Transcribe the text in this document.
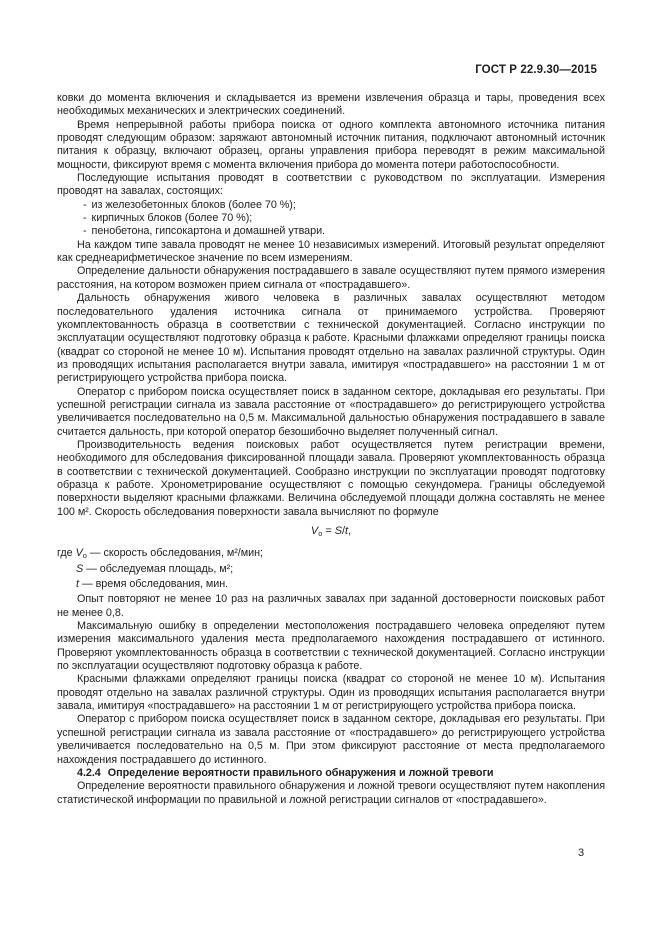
ГОСТ Р 22.9.30—2015

ковки до момента включения и складывается из времени извлечения образца и тары, проведения всех необходимых механических и электрических соединений.

Время непрерывной работы прибора поиска от одного комплекта автономного источника питания проводят следующим образом: заряжают автономный источник питания, подключают автономный источник питания к образцу, включают образец, органы управления прибора переводят в режим максимальной мощности, фиксируют время с момента включения прибора до момента потери работоспособности.

Последующие испытания проводят в соответствии с руководством по эксплуатации. Измерения проводят на завалах, состоящих:

- из железобетонных блоков (более 70 %);

- кирпичных блоков (более 70 %);

- пенобетона, гипсокартона и домашней утвари.

На каждом типе завала проводят не менее 10 независимых измерений. Итоговый результат определяют как среднеарифметическое значение по всем измерениям.

Определение дальности обнаружения пострадавшего в завале осуществляют путем прямого измерения расстояния, на котором возможен прием сигнала от «пострадавшего».

Дальность обнаружения живого человека в различных завалах осуществляют методом последовательного удаления источника сигнала от принимаемого устройства. Проверяют укомплектованность образца в соответствии с технической документацией. Согласно инструкции по эксплуатации осуществляют подготовку образца к работе. Красными флажками определяют границы поиска (квадрат со стороной не менее 10 м). Испытания проводят отдельно на завалах различной структуры. Один из проводящих испытания располагается внутри завала, имитируя «пострадавшего» на расстоянии 1 м от регистрирующего устройства прибора поиска.

Оператор с прибором поиска осуществляет поиск в заданном секторе, докладывая его результаты. При успешной регистрации сигнала из завала расстояние от «пострадавшего» до регистрирующего устройства увеличивается последовательно на 0,5 м. Максимальной дальностью обнаружения пострадавшего в завале считается дальность, при которой оператор безошибочно выделяет полученный сигнал.

Производительность ведения поисковых работ осуществляется путем регистрации времени, необходимого для обследования фиксированной площади завала. Проверяют укомплектованность образца в соответствии с технической документацией. Сообразно инструкции по эксплуатации проводят подготовку образца к работе. Хронометрирование осуществляют с помощью секундомера. Границы обследуемой поверхности выделяют красными флажками. Величина обследуемой площади должна составлять не менее 100 м². Скорость обследования поверхности завала вычисляют по формуле

$V_о = S/t$,

где $V_о$ — скорость обследования, м²/мин;

S — обследуемая площадь, м²;

t — время обследования, мин.

Опыт повторяют не менее 10 раз на различных завалах при заданной достоверности поисковых работ не менее 0,8.

Максимальную ошибку в определении местоположения пострадавшего человека определяют путем измерения максимального удаления места предполагаемого нахождения пострадавшего от истинного. Проверяют укомплектованность образца в соответствии с технической документацией. Согласно инструкции по эксплуатации осуществляют подготовку образца к работе.

Красными флажками определяют границы поиска (квадрат со стороной не менее 10 м). Испытания проводят отдельно на завалах различной структуры. Один из проводящих испытания располагается внутри завала, имитируя «пострадавшего» на расстоянии 1 м от регистрирующего устройства прибора поиска.

Оператор с прибором поиска осуществляет поиск в заданном секторе, докладывая его результаты. При успешной регистрации сигнала из завала расстояние от «пострадавшего» до регистрирующего устройства увеличивается последовательно на 0,5 м. При этом фиксируют расстояние от места предполагаемого нахождения пострадавшего до истинного.

4.2.4 Определение вероятности правильного обнаружения и ложной тревоги

Определение вероятности правильного обнаружения и ложной тревоги осуществляют путем накопления статистической информации по правильной и ложной регистрации сигналов от «пострадавшего».

3
